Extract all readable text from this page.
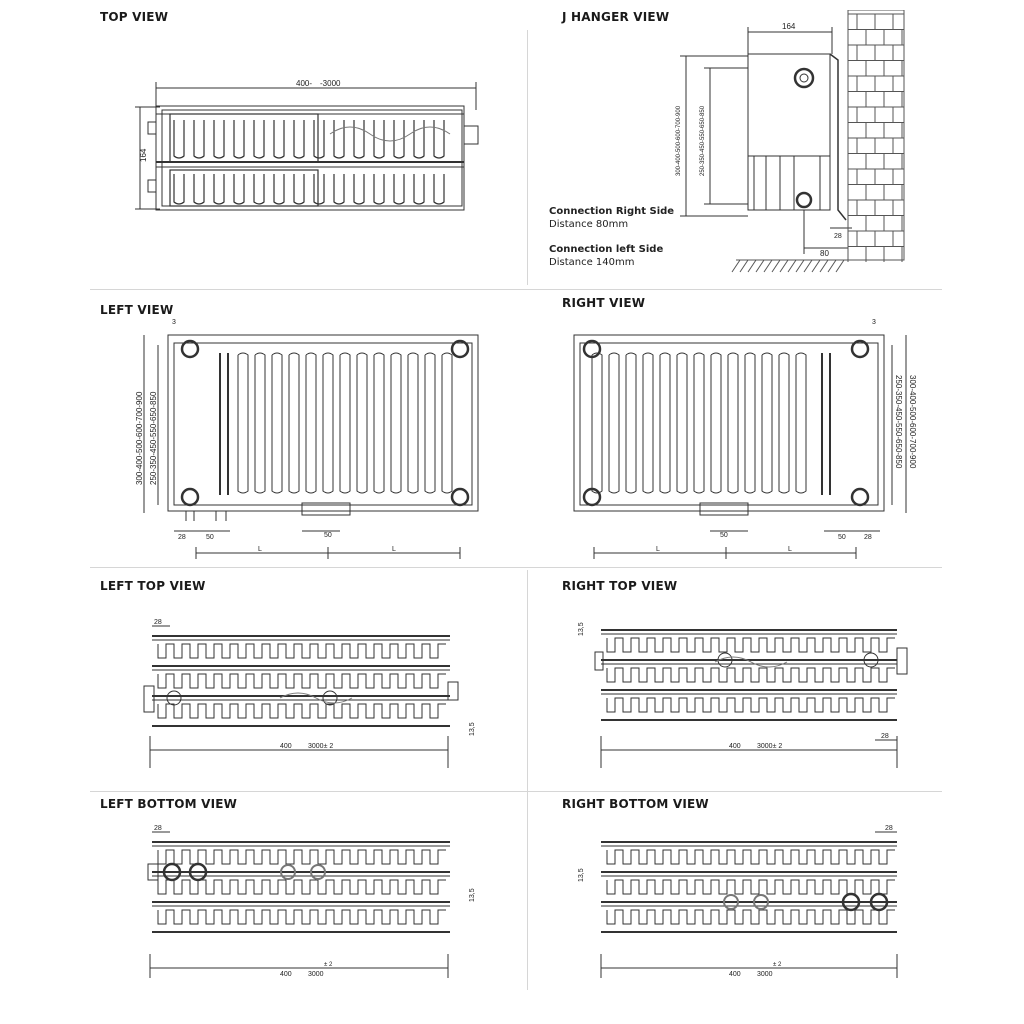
TOP VIEW	J HANGER VIEW
LEFT VIEW	RIGHT VIEW
LEFT TOP VIEW	RIGHT TOP VIEW
LEFT BOTTOM VIEW	RIGHT BOTTOM VIEW
400- -3000
164
164
300-400-500-600-700-900	250-350-450-550-650-850
28
80
Connection Right Side
Distance 80mm
Connection left Side
Distance 140mm
3
300-400-500-600-700-900 250-350-450-550-650-850
28	50	50
L	L
3
300-400-500-600-700-900
250-350-450-550-650-850
50	50	28
L	L
28
13,5
400 3000± 2
13,5
28
400 3000± 2
28
13,5
400 3000
± 2
28
13,5
400 3000
± 2
